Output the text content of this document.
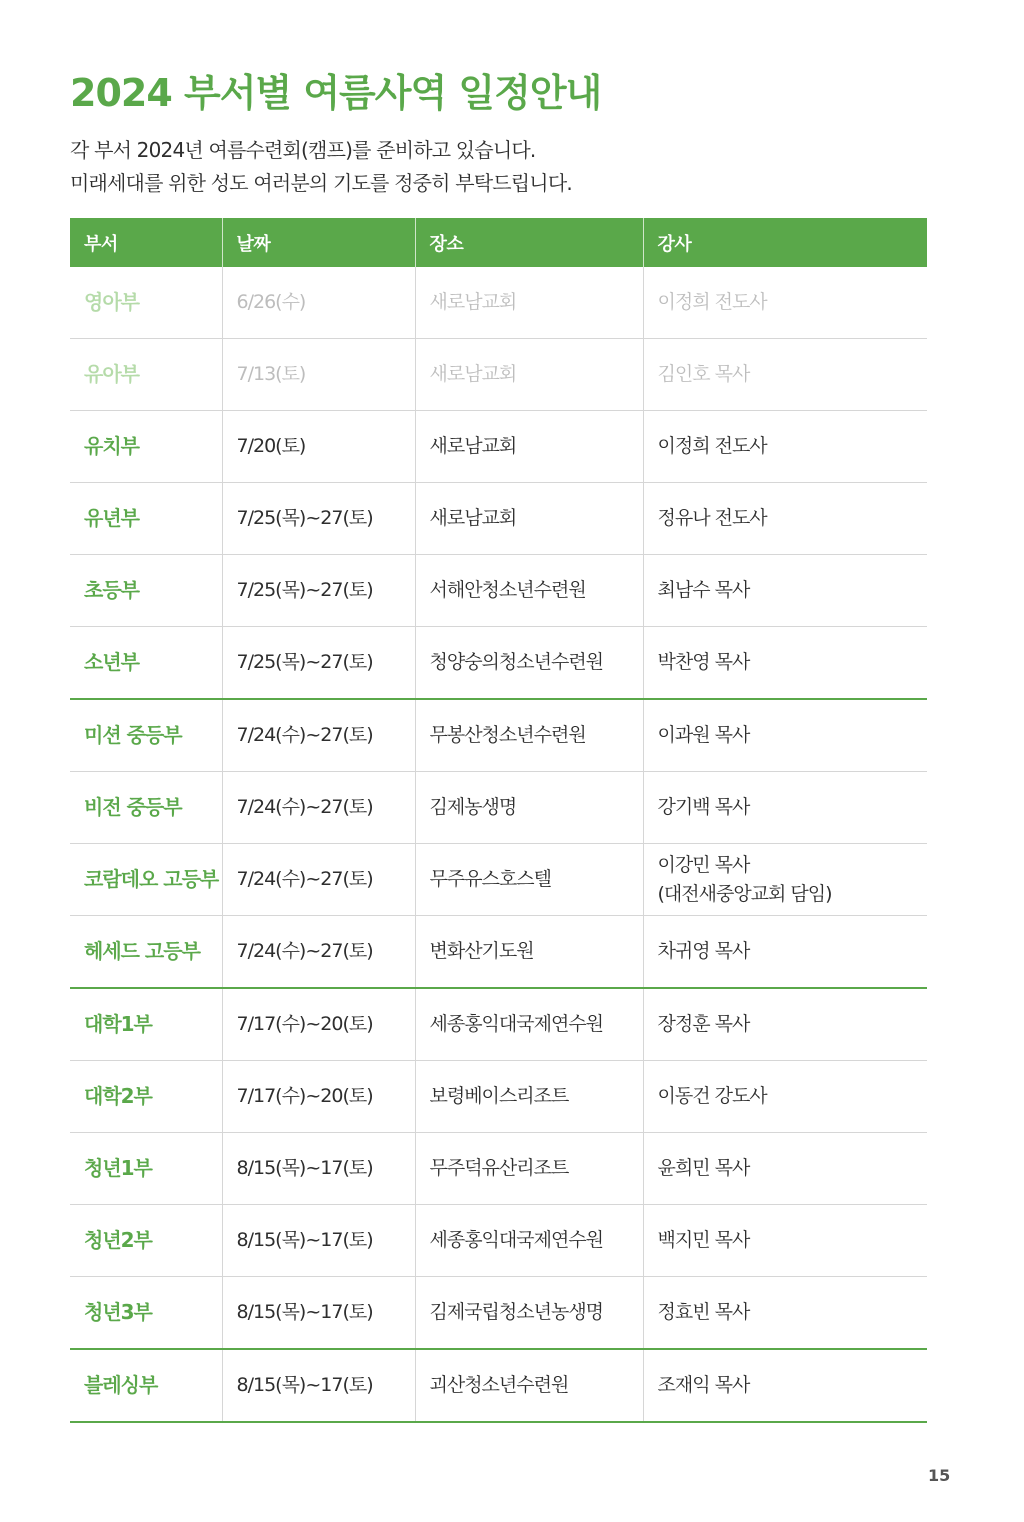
2024 부서별 여름사역 일정안내
각 부서 2024년 여름수련회(캠프)를 준비하고 있습니다.
미래세대를 위한 성도 여러분의 기도를 정중히 부탁드립니다.
부서	날짜	장소	강사
영아부	6/26(수)	새로남교회	이정희 전도사

유아부	7/13(토)	새로남교회	김인호 목사

유치부	7/20(토)	새로남교회	이정희 전도사

유년부	7/25(목)~27(토)	새로남교회	정유나 전도사

초등부	7/25(목)~27(토)	서해안청소년수련원	최남수 목사

소년부	7/25(목)~27(토)	청양숭의청소년수련원	박찬영 목사

미션 중등부	7/24(수)~27(토)	무봉산청소년수련원	이과원 목사

비전 중등부	7/24(수)~27(토)	김제농생명	강기백 목사

코람데오 고등부	7/24(수)~27(토)	무주유스호스텔	이강민 목사
(대전새중앙교회 담임)

헤세드 고등부	7/24(수)~27(토)	변화산기도원	차귀영 목사

대학1부	7/17(수)~20(토)	세종홍익대국제연수원	장정훈 목사

대학2부	7/17(수)~20(토)	보령베이스리조트	이동건 강도사

청년1부	8/15(목)~17(토)	무주덕유산리조트	윤희민 목사

청년2부	8/15(목)~17(토)	세종홍익대국제연수원	백지민 목사

청년3부	8/15(목)~17(토)	김제국립청소년농생명	정효빈 목사

블레싱부	8/15(목)~17(토)	괴산청소년수련원	조재익 목사
15
